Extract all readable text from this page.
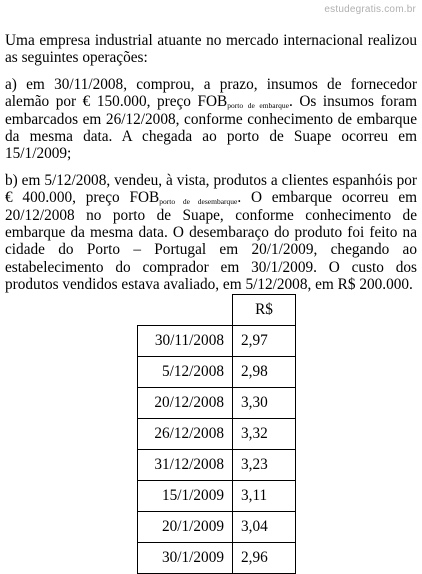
estudegratis.com.br

Uma empresa industrial atuante no mercado internacional realizou as seguintes operações:

a) em 30/11/2008, comprou, a prazo, insumos de fornecedor alemão por € 150.000, preço $FOB_{porto de embarque}$. Os insumos foram embarcados em 26/12/2008, conforme conhecimento de embarque da mesma data. A chegada ao porto de Suape ocorreu em 15/1/2009;

b) em 5/12/2008, vendeu, à vista, produtos a clientes espanhóis por € 400.000, preço $FOB_{porto de desembarque}$. O embarque ocorreu em 20/12/2008 no porto de Suape, conforme conhecimento de embarque da mesma data. O desembaraço do produto foi feito na cidade do Porto – Portugal em 20/1/2009, chegando ao estabelecimento do comprador em 30/1/2009. O custo dos produtos vendidos estava avaliado, em 5/12/2008, em R$ 200.000.

	R$
30/11/2008	2,97
5/12/2008	2,98
20/12/2008	3,30
26/12/2008	3,32
31/12/2008	3,23
15/1/2009	3,11
20/1/2009	3,04
30/1/2009	2,96
